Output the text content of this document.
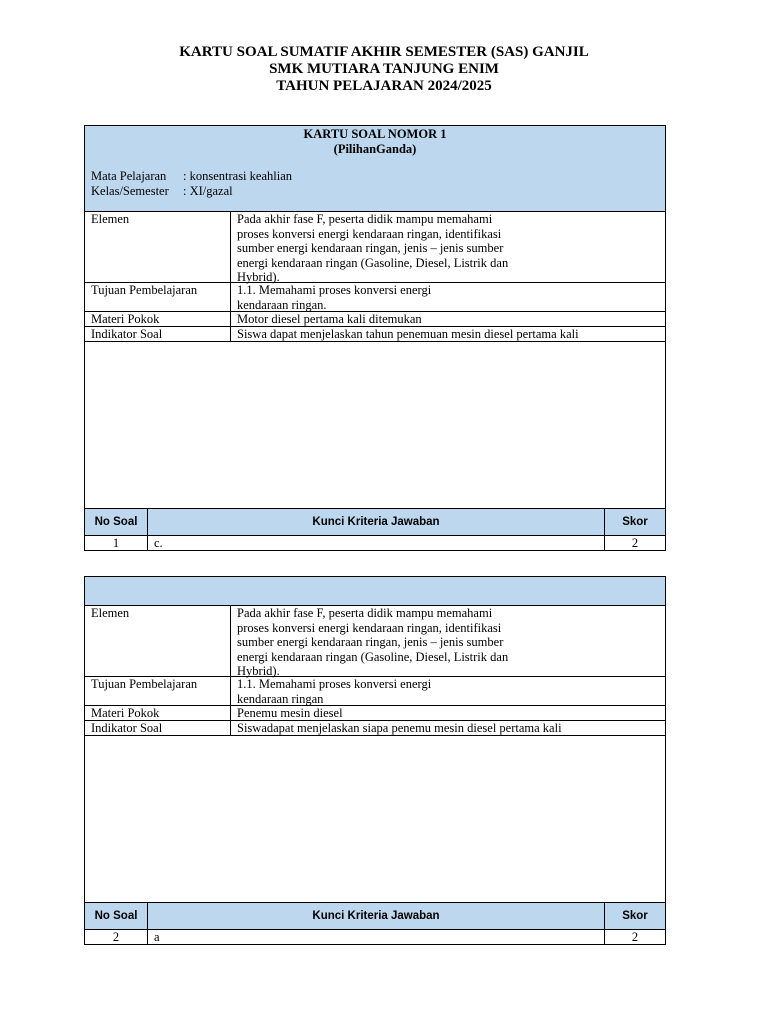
KARTU SOAL SUMATIF AKHIR SEMESTER (SAS) GANJIL
SMK MUTIARA TANJUNG ENIM
TAHUN PELAJARAN 2024/2025
KARTU SOAL NOMOR 1
(PilihanGanda)
Mata Pelajaran : konsentrasi keahlian
Kelas/Semester : XI/gazal
Elemen	Pada akhir fase F, peserta didik mampu memahami
proses konversi energi kendaraan ringan, identifikasi
sumber energi kendaraan ringan, jenis – jenis sumber
energi kendaraan ringan (Gasoline, Diesel, Listrik dan
Hybrid).
Tujuan Pembelajaran	1.1. Memahami proses konversi energi
kendaraan ringan.
Materi Pokok	Motor diesel pertama kali ditemukan
Indikator Soal	Siswa dapat menjelaskan tahun penemuan mesin diesel pertama kali
No Soal	Kunci Kriteria Jawaban	Skor
1	c.	2
Elemen	Pada akhir fase F, peserta didik mampu memahami
proses konversi energi kendaraan ringan, identifikasi
sumber energi kendaraan ringan, jenis – jenis sumber
energi kendaraan ringan (Gasoline, Diesel, Listrik dan
Hybrid).
Tujuan Pembelajaran	1.1. Memahami proses konversi energi
kendaraan ringan
Materi Pokok	Penemu mesin diesel
Indikator Soal	Siswadapat menjelaskan siapa penemu mesin diesel pertama kali
No Soal	Kunci Kriteria Jawaban	Skor
2	a	2
